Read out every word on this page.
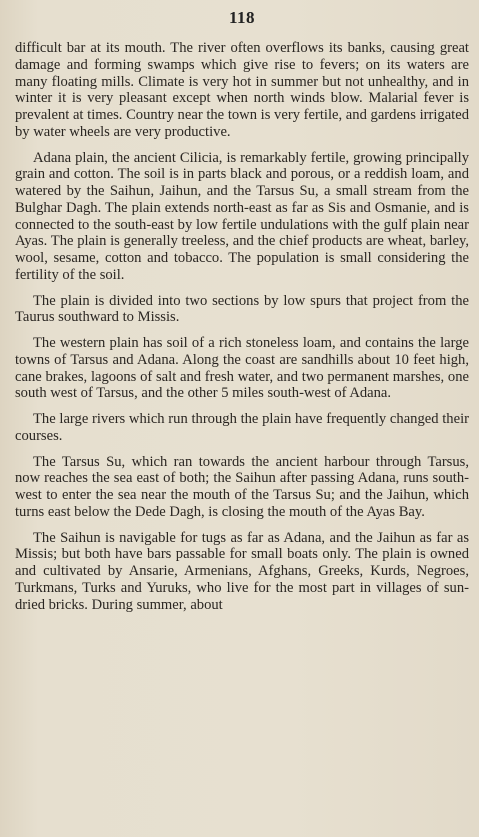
118

difficult bar at its mouth. The river often overflows its banks, causing great damage and forming swamps which give rise to fevers; on its waters are many floating mills. Climate is very hot in summer but not unhealthy, and in winter it is very pleasant except when north winds blow. Malarial fever is prevalent at times. Country near the town is very fertile, and gardens irrigated by water wheels are very productive.

Adana plain, the ancient Cilicia, is remarkably fertile, growing principally grain and cotton. The soil is in parts black and porous, or a reddish loam, and watered by the Saihun, Jaihun, and the Tarsus Su, a small stream from the Bulghar Dagh. The plain extends north-east as far as Sis and Osmanie, and is connected to the south-east by low fertile undulations with the gulf plain near Ayas. The plain is generally treeless, and the chief products are wheat, barley, wool, sesame, cotton and tobacco. The population is small considering the fertility of the soil.

The plain is divided into two sections by low spurs that project from the Taurus southward to Missis.

The western plain has soil of a rich stoneless loam, and contains the large towns of Tarsus and Adana. Along the coast are sandhills about 10 feet high, cane brakes, lagoons of salt and fresh water, and two permanent marshes, one south west of Tarsus, and the other 5 miles south-west of Adana.

The large rivers which run through the plain have frequently changed their courses.

The Tarsus Su, which ran towards the ancient harbour through Tarsus, now reaches the sea east of both; the Saihun after passing Adana, runs south-west to enter the sea near the mouth of the Tarsus Su; and the Jaihun, which turns east below the Dede Dagh, is closing the mouth of the Ayas Bay.

The Saihun is navigable for tugs as far as Adana, and the Jaihun as far as Missis; but both have bars passable for small boats only. The plain is owned and cultivated by Ansarie, Armenians, Afghans, Greeks, Kurds, Negroes, Turkmans, Turks and Yuruks, who live for the most part in villages of sun-dried bricks. During summer, about
